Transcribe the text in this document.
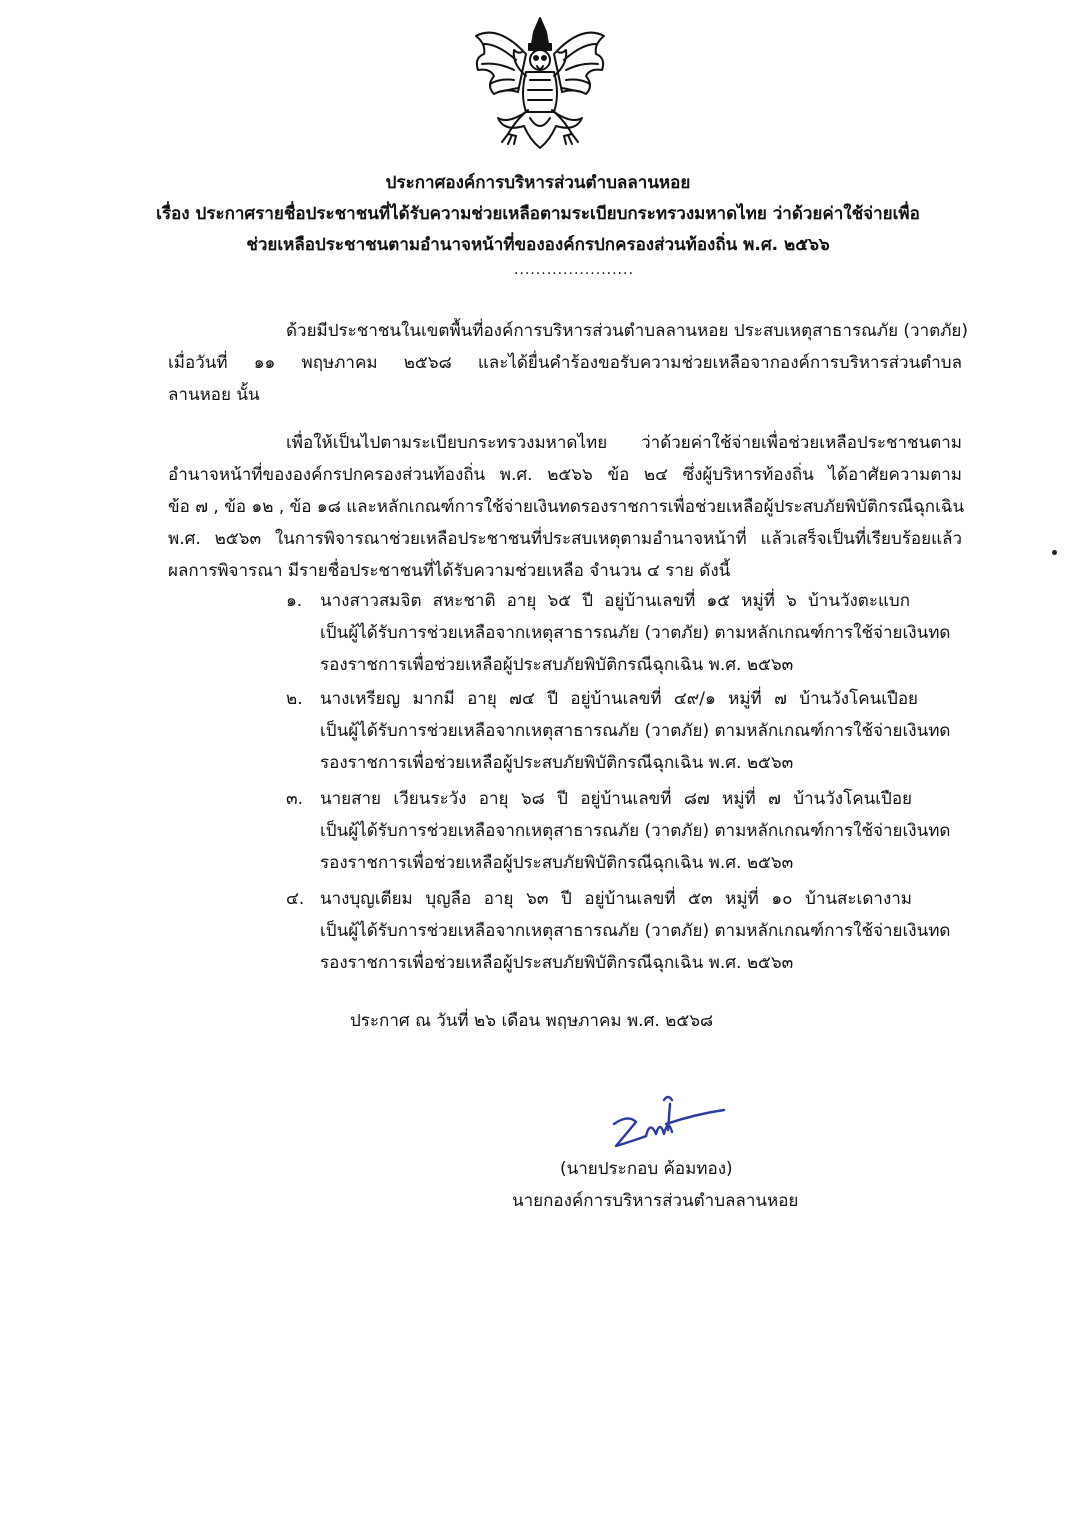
ประกาศองค์การบริหารส่วนตำบลลานหอย
เรื่อง ประกาศรายชื่อประชาชนที่ได้รับความช่วยเหลือตามระเบียบกระทรวงมหาดไทย ว่าด้วยค่าใช้จ่ายเพื่อ
ช่วยเหลือประชาชนตามอำนาจหน้าที่ขององค์กรปกครองส่วนท้องถิ่น พ.ศ. ๒๕๖๖
......................
ด้วยมีประชาชนในเขตพื้นที่องค์การบริหารส่วนตำบลลานหอย ประสบเหตุสาธารณภัย (วาตภัย)
เมื่อวันที่ ๑๑ พฤษภาคม ๒๕๖๘ และได้ยื่นคำร้องขอรับความช่วยเหลือจากองค์การบริหารส่วนตำบล
ลานหอย นั้น
เพื่อให้เป็นไปตามระเบียบกระทรวงมหาดไทย ว่าด้วยค่าใช้จ่ายเพื่อช่วยเหลือประชาชนตาม
อำนาจหน้าที่ขององค์กรปกครองส่วนท้องถิ่น พ.ศ. ๒๕๖๖ ข้อ ๒๔ ซึ่งผู้บริหารท้องถิ่น ได้อาศัยความตาม
ข้อ ๗ , ข้อ ๑๒ , ข้อ ๑๘ และหลักเกณฑ์การใช้จ่ายเงินทดรองราชการเพื่อช่วยเหลือผู้ประสบภัยพิบัติกรณีฉุกเฉิน
พ.ศ. ๒๕๖๓ ในการพิจารณาช่วยเหลือประชาชนที่ประสบเหตุตามอำนาจหน้าที่ แล้วเสร็จเป็นที่เรียบร้อยแล้ว
ผลการพิจารณา มีรายชื่อประชาชนที่ได้รับความช่วยเหลือ จำนวน ๔ ราย ดังนี้
๑. นางสาวสมจิต สหะชาติ อายุ ๖๕ ปี อยู่บ้านเลขที่ ๑๕ หมู่ที่ ๖ บ้านวังตะแบก
เป็นผู้ได้รับการช่วยเหลือจากเหตุสาธารณภัย (วาตภัย) ตามหลักเกณฑ์การใช้จ่ายเงินทด
รองราชการเพื่อช่วยเหลือผู้ประสบภัยพิบัติกรณีฉุกเฉิน พ.ศ. ๒๕๖๓
๒. นางเหรียญ มากมี อายุ ๗๔ ปี อยู่บ้านเลขที่ ๔๙/๑ หมู่ที่ ๗ บ้านวังโคนเปือย
เป็นผู้ได้รับการช่วยเหลือจากเหตุสาธารณภัย (วาตภัย) ตามหลักเกณฑ์การใช้จ่ายเงินทด
รองราชการเพื่อช่วยเหลือผู้ประสบภัยพิบัติกรณีฉุกเฉิน พ.ศ. ๒๕๖๓
๓. นายสาย เวียนระวัง อายุ ๖๘ ปี อยู่บ้านเลขที่ ๘๗ หมู่ที่ ๗ บ้านวังโคนเปือย
เป็นผู้ได้รับการช่วยเหลือจากเหตุสาธารณภัย (วาตภัย) ตามหลักเกณฑ์การใช้จ่ายเงินทด
รองราชการเพื่อช่วยเหลือผู้ประสบภัยพิบัติกรณีฉุกเฉิน พ.ศ. ๒๕๖๓
๔. นางบุญเตียม บุญลือ อายุ ๖๓ ปี อยู่บ้านเลขที่ ๕๓ หมู่ที่ ๑๐ บ้านสะเดางาม
เป็นผู้ได้รับการช่วยเหลือจากเหตุสาธารณภัย (วาตภัย) ตามหลักเกณฑ์การใช้จ่ายเงินทด
รองราชการเพื่อช่วยเหลือผู้ประสบภัยพิบัติกรณีฉุกเฉิน พ.ศ. ๒๕๖๓
ประกาศ ณ วันที่ ๒๖ เดือน พฤษภาคม พ.ศ. ๒๕๖๘
(นายประกอบ ค้อมทอง)
นายกองค์การบริหารส่วนตำบลลานหอย
